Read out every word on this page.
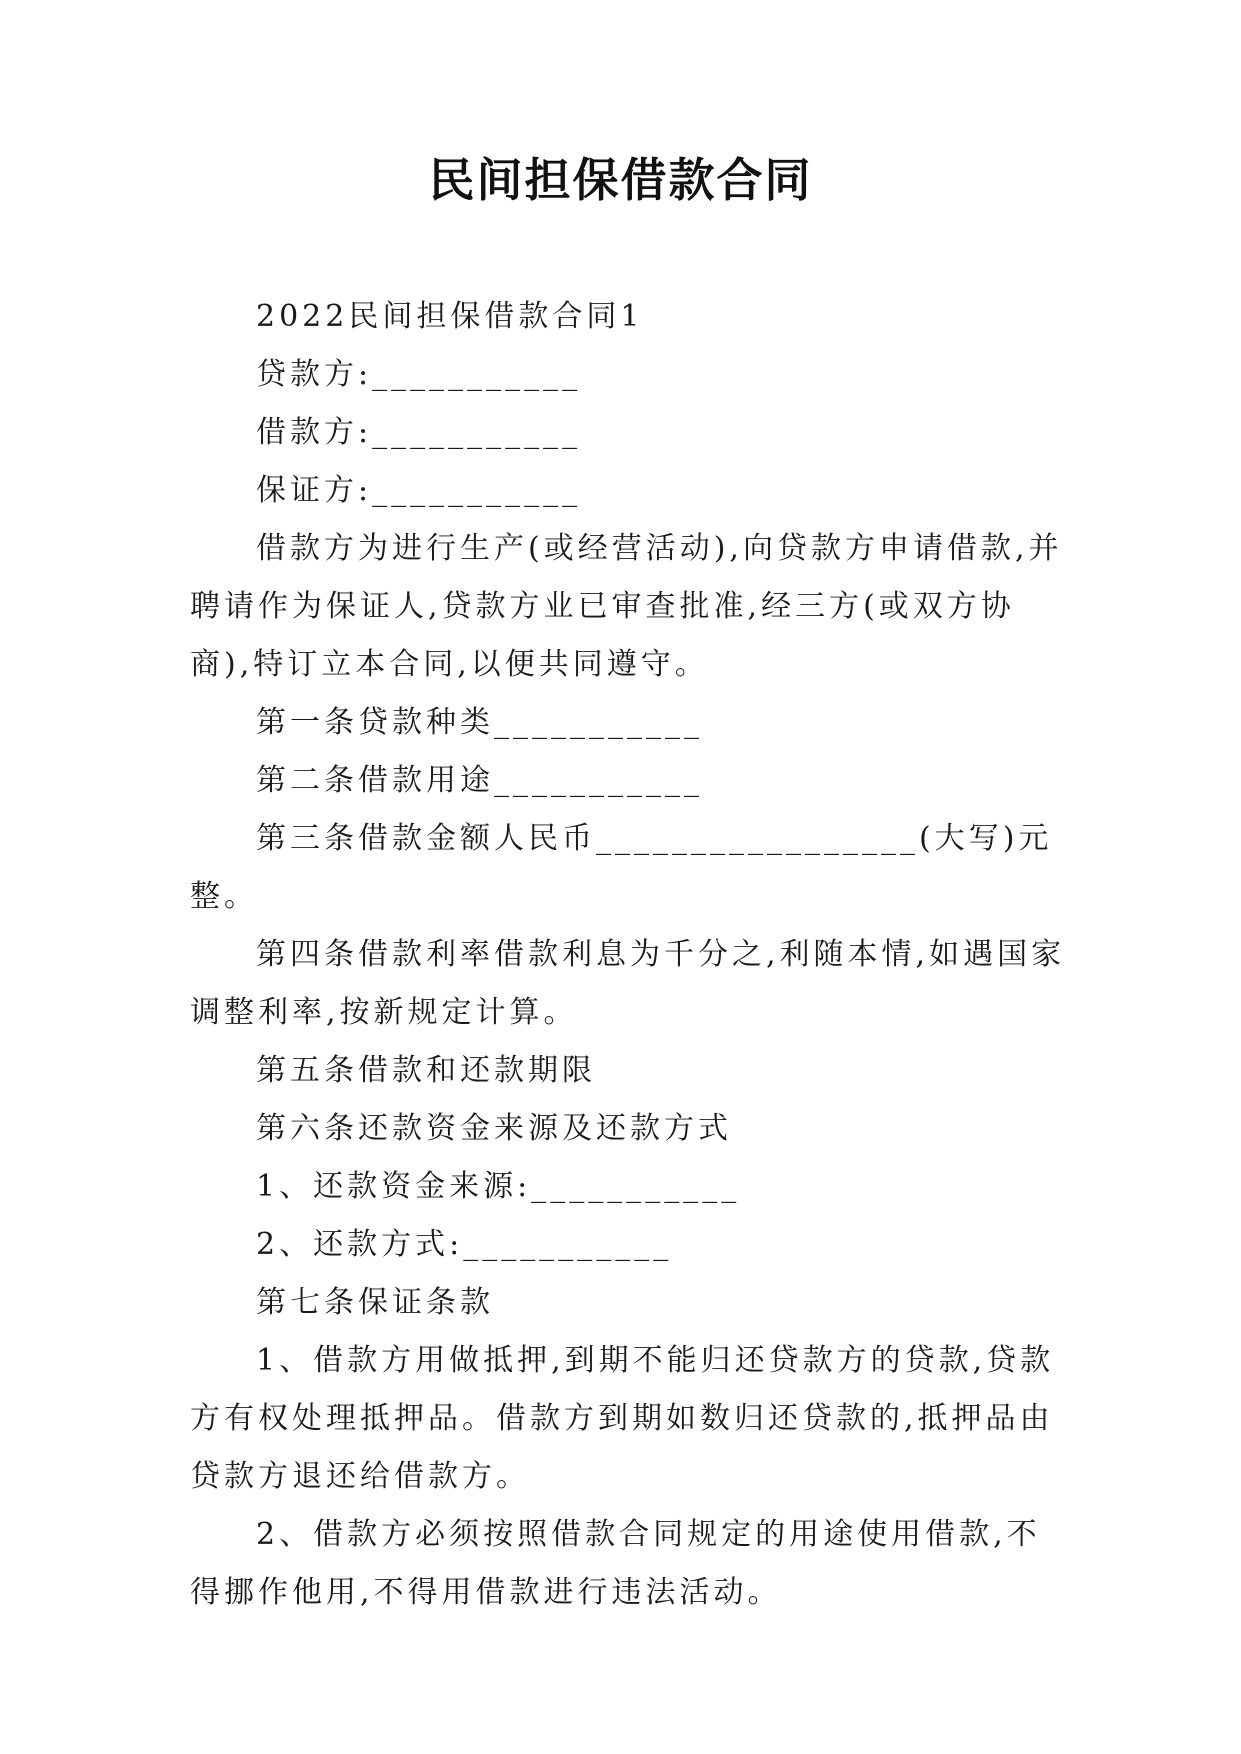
民间担保借款合同

2022民间担保借款合同1

贷款方:___________

借款方:___________

保证方:___________

借款方为进行生产(或经营活动),向贷款方申请借款,并聘请作为保证人,贷款方业已审查批准,经三方(或双方协商),特订立本合同,以便共同遵守。

第一条贷款种类___________

第二条借款用途___________

第三条借款金额人民币_________________(大写)元整。

第四条借款利率借款利息为千分之,利随本情,如遇国家调整利率,按新规定计算。

第五条借款和还款期限

第六条还款资金来源及还款方式

1、还款资金来源:___________

2、还款方式:___________

第七条保证条款

1、借款方用做抵押,到期不能归还贷款方的贷款,贷款方有权处理抵押品。借款方到期如数归还贷款的,抵押品由贷款方退还给借款方。

2、借款方必须按照借款合同规定的用途使用借款,不得挪作他用,不得用借款进行违法活动。
